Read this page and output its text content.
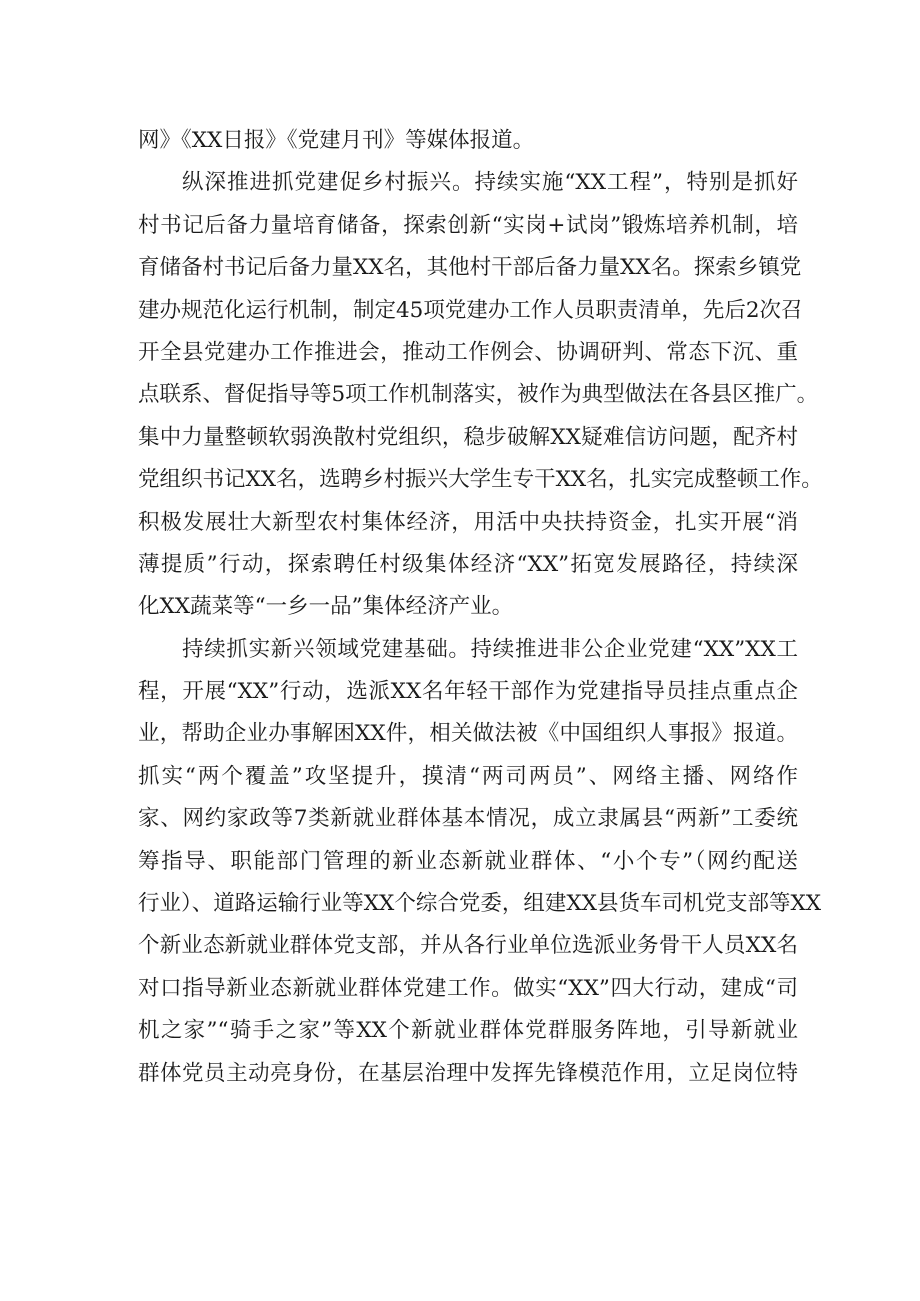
网》《XX日报》《党建月刊》等媒体报道。
纵深推进抓党建促乡村振兴。持续实施“XX工程”，特别是抓好
村书记后备力量培育储备，探索创新“实岗+试岗”锻炼培养机制，培
育储备村书记后备力量XX名，其他村干部后备力量XX名。探索乡镇党
建办规范化运行机制，制定45项党建办工作人员职责清单，先后2次召
开全县党建办工作推进会，推动工作例会、协调研判、常态下沉、重
点联系、督促指导等5项工作机制落实，被作为典型做法在各县区推广。
集中力量整顿软弱涣散村党组织，稳步破解XX疑难信访问题，配齐村
党组织书记XX名，选聘乡村振兴大学生专干XX名，扎实完成整顿工作。
积极发展壮大新型农村集体经济，用活中央扶持资金，扎实开展“消
薄提质”行动，探索聘任村级集体经济“XX”拓宽发展路径，持续深
化XX蔬菜等“一乡一品”集体经济产业。
持续抓实新兴领域党建基础。持续推进非公企业党建“XX”XX工
程，开展“XX”行动，选派XX名年轻干部作为党建指导员挂点重点企
业，帮助企业办事解困XX件，相关做法被《中国组织人事报》报道。
抓实“两个覆盖”攻坚提升，摸清“两司两员”、网络主播、网络作
家、网约家政等7类新就业群体基本情况，成立隶属县“两新”工委统
筹指导、职能部门管理的新业态新就业群体、“小个专”（网约配送
行业）、道路运输行业等XX个综合党委，组建XX县货车司机党支部等XX
个新业态新就业群体党支部，并从各行业单位选派业务骨干人员XX名
对口指导新业态新就业群体党建工作。做实“XX”四大行动，建成“司
机之家”“骑手之家”等XX个新就业群体党群服务阵地，引导新就业
群体党员主动亮身份，在基层治理中发挥先锋模范作用，立足岗位特
